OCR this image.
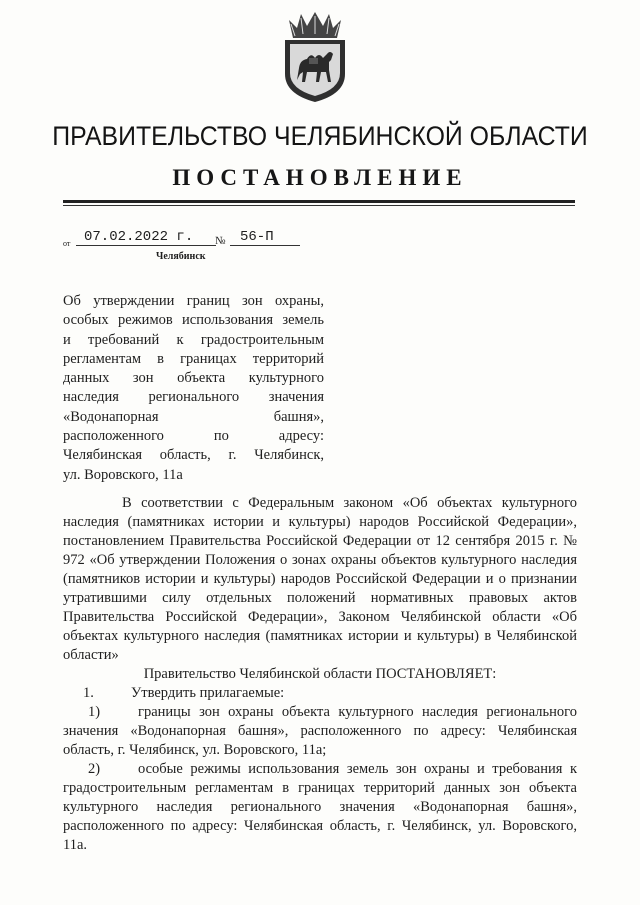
ПРАВИТЕЛЬСТВО ЧЕЛЯБИНСКОЙ ОБЛАСТИ
ПОСТАНОВЛЕНИЕ
от 07.02.2022 г.	№	56-П
Челябинск
Об утверждении границ зон охраны,
особых режимов использования земель
и требований к градостроительным
регламентам в границах территорий
данных зон объекта культурного
наследия регионального значения
«Водонапорная башня»,
расположенного по адресу:
Челябинская область, г. Челябинск,
ул. Воровского, 11а

В соответствии с Федеральным законом «Об объектах культурного наследия (памятниках истории и культуры) народов Российской Федерации», постановлением Правительства Российской Федерации от 12 сентября 2015 г. № 972 «Об утверждении Положения о зонах охраны объектов культурного наследия (памятников истории и культуры) народов Российской Федерации и о признании утратившими силу отдельных положений нормативных правовых актов Правительства Российской Федерации», Законом Челябинской области «Об объектах культурного наследия (памятниках истории и культуры) в Челябинской области»

Правительство Челябинской области ПОСТАНОВЛЯЕТ:

1.	Утвердить прилагаемые:

1)	границы зон охраны объекта культурного наследия регионального значения «Водонапорная башня», расположенного по адресу: Челябинская область, г. Челябинск, ул. Воровского, 11а;

2)	особые режимы использования земель зон охраны и требования к градостроительным регламентам в границах территорий данных зон объекта культурного наследия регионального значения «Водонапорная башня», расположенного по адресу: Челябинская область, г. Челябинск, ул. Воровского, 11а.
